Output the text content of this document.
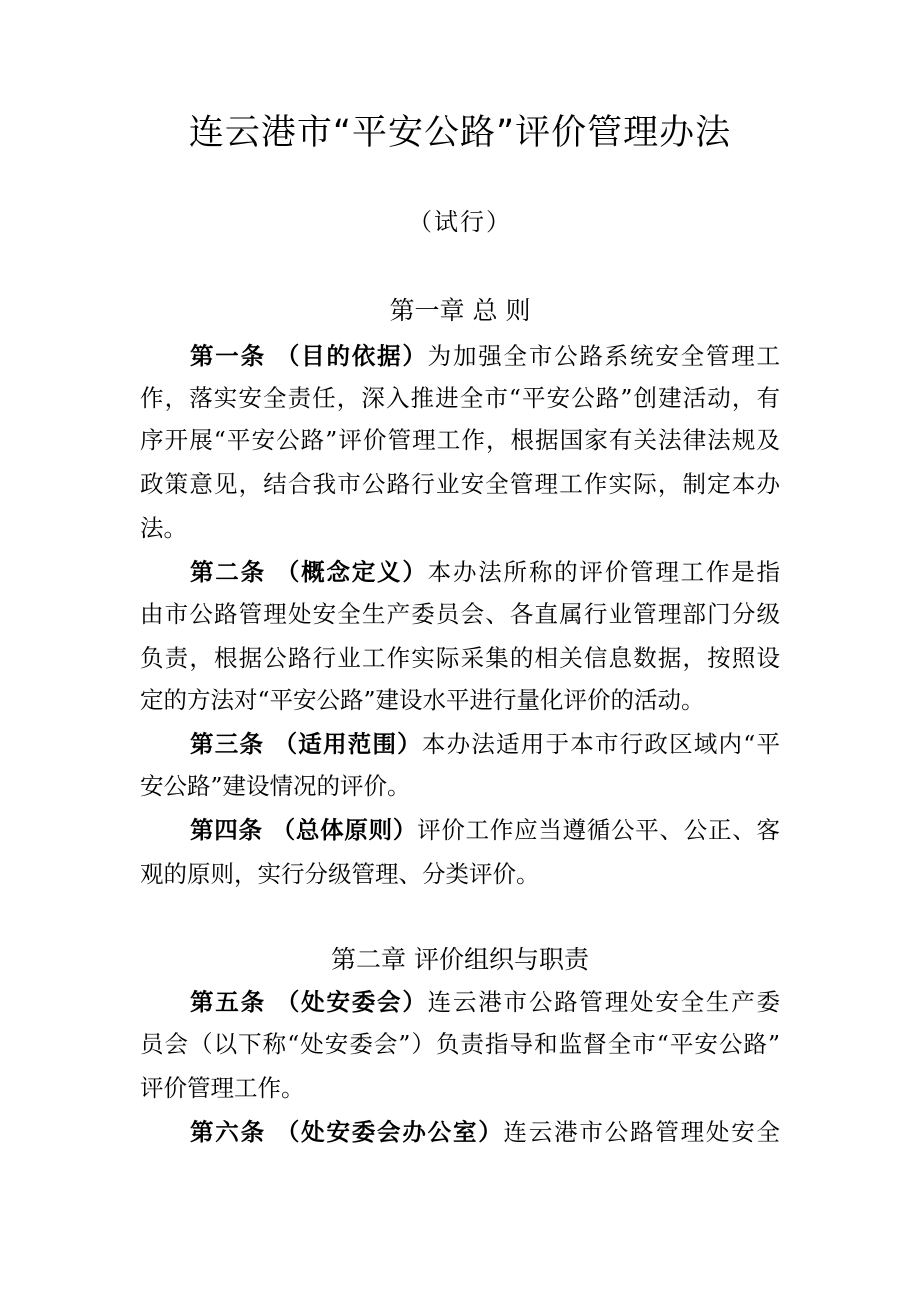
连云港市“平安公路”评价管理办法
（试行）
第一章 总 则
第一条 （目的依据）为加强全市公路系统安全管理工
作，落实安全责任，深入推进全市“平安公路”创建活动，有
序开展“平安公路”评价管理工作，根据国家有关法律法规及
政策意见，结合我市公路行业安全管理工作实际，制定本办
法。
第二条 （概念定义）本办法所称的评价管理工作是指
由市公路管理处安全生产委员会、各直属行业管理部门分级
负责，根据公路行业工作实际采集的相关信息数据，按照设
定的方法对“平安公路”建设水平进行量化评价的活动。
第三条 （适用范围）本办法适用于本市行政区域内“平
安公路”建设情况的评价。
第四条 （总体原则）评价工作应当遵循公平、公正、客
观的原则，实行分级管理、分类评价。
第二章 评价组织与职责
第五条 （处安委会）连云港市公路管理处安全生产委
员会（以下称“处安委会”）负责指导和监督全市“平安公路”
评价管理工作。
第六条 （处安委会办公室）连云港市公路管理处安全
